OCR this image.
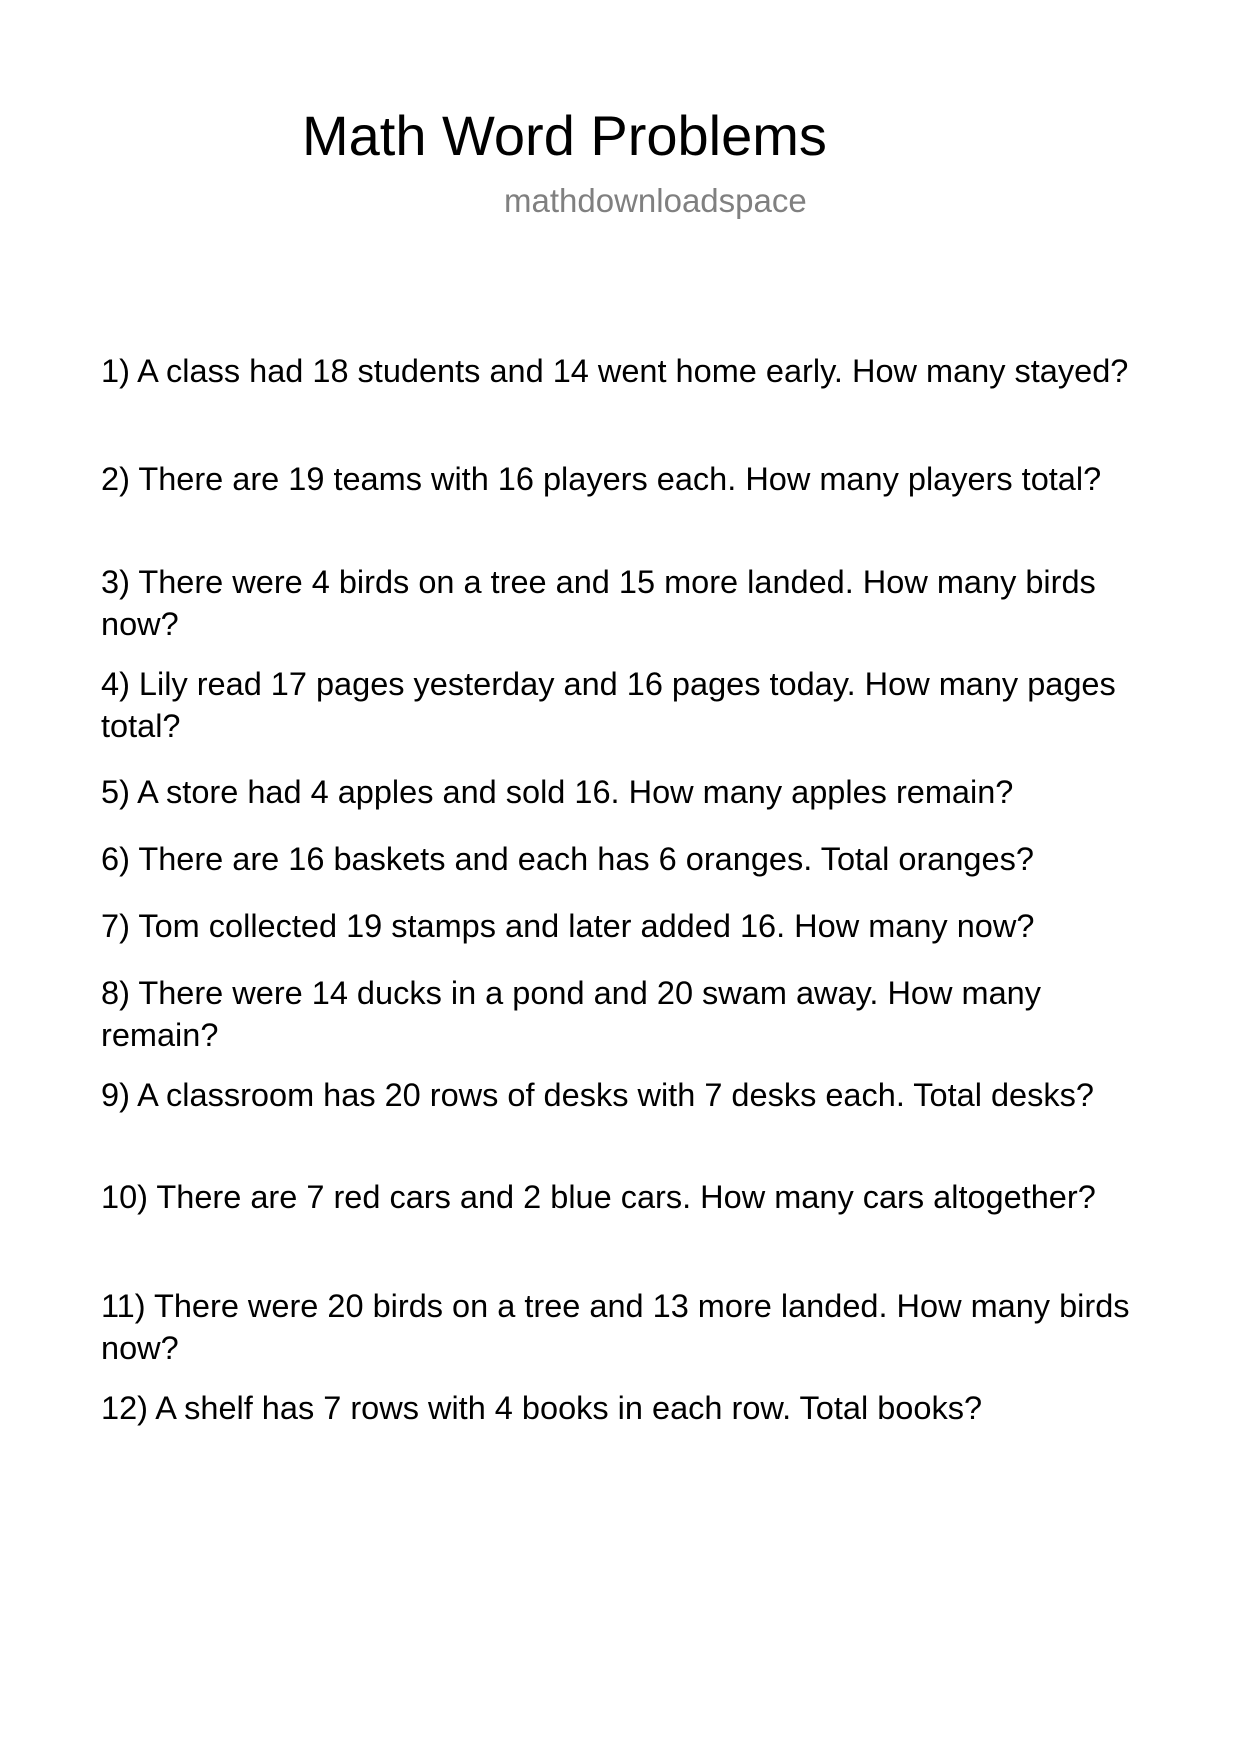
Math Word Problems

mathdownloadspace

1) A class had 18 students and 14 went home early. How many stayed?
2) There are 19 teams with 16 players each. How many players total?
3) There were 4 birds on a tree and 15 more landed. How many birds now?
4) Lily read 17 pages yesterday and 16 pages today. How many pages total?
5) A store had 4 apples and sold 16. How many apples remain?
6) There are 16 baskets and each has 6 oranges. Total oranges?
7) Tom collected 19 stamps and later added 16. How many now?
8) There were 14 ducks in a pond and 20 swam away. How many remain?
9) A classroom has 20 rows of desks with 7 desks each. Total desks?
10) There are 7 red cars and 2 blue cars. How many cars altogether?
11) There were 20 birds on a tree and 13 more landed. How many birds now?
12) A shelf has 7 rows with 4 books in each row. Total books?
